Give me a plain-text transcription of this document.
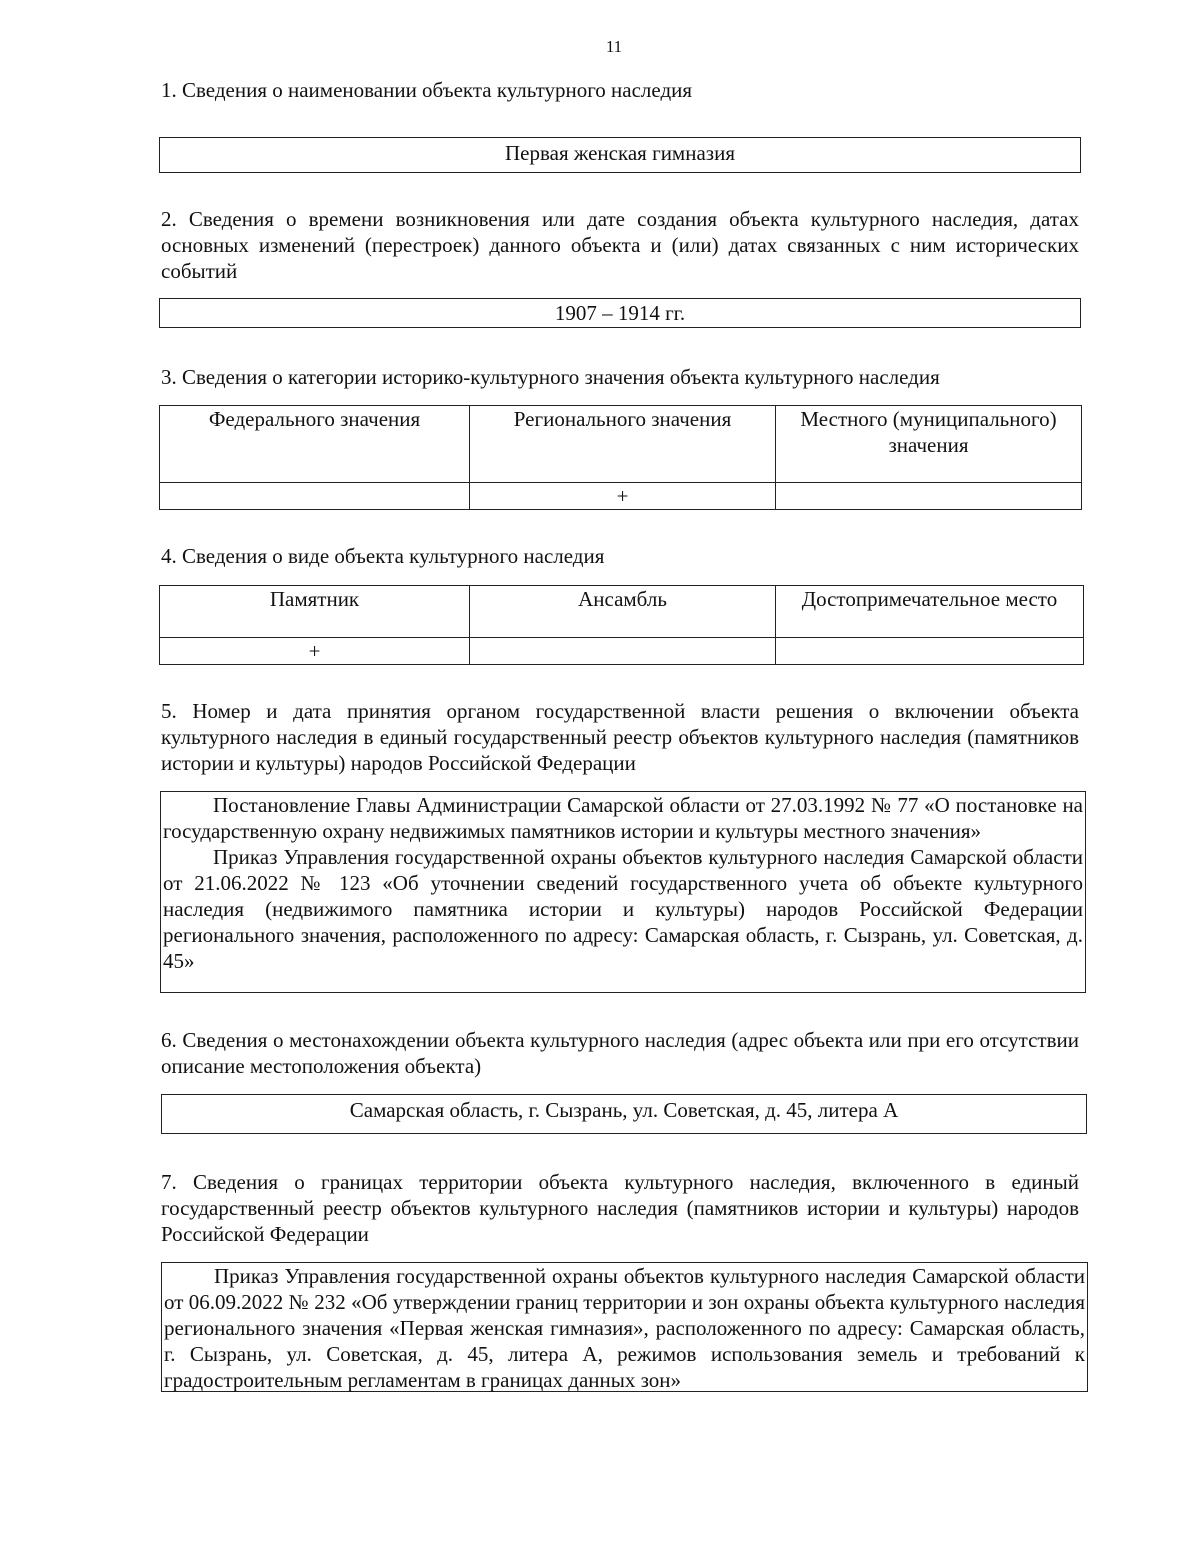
11

1. Сведения о наименовании объекта культурного наследия

Первая женская гимназия

2. Сведения о времени возникновения или дате создания объекта культурного наследия, датах основных изменений (перестроек) данного объекта и (или) датах связанных с ним исторических событий

1907 – 1914 гг.

3. Сведения о категории историко-культурного значения объекта культурного наследия

Федерального значения	Регионального значения	Местного (муниципального) значения
	+	

4. Сведения о виде объекта культурного наследия

Памятник	Ансамбль	Достопримечательное место
+		

5. Номер и дата принятия органом государственной власти решения о включении объекта культурного наследия в единый государственный реестр объектов культурного наследия (памятников истории и культуры) народов Российской Федерации

Постановление Главы Администрации Самарской области от 27.03.1992 № 77 «О постановке на государственную охрану недвижимых памятников истории и культуры местного значения»

Приказ Управления государственной охраны объектов культурного наследия Самарской области от 21.06.2022 № 123 «Об уточнении сведений государственного учета об объекте культурного наследия (недвижимого памятника истории и культуры) народов Российской Федерации регионального значения, расположенного по адресу: Самарская область, г. Сызрань, ул. Советская, д. 45»

6. Сведения о местонахождении объекта культурного наследия (адрес объекта или при его отсутствии описание местоположения объекта)

Самарская область, г. Сызрань, ул. Советская, д. 45, литера А

7. Сведения о границах территории объекта культурного наследия, включенного в единый государственный реестр объектов культурного наследия (памятников истории и культуры) народов Российской Федерации

Приказ Управления государственной охраны объектов культурного наследия Самарской области от 06.09.2022 № 232 «Об утверждении границ территории и зон охраны объекта культурного наследия регионального значения «Первая женская гимназия», расположенного по адресу: Самарская область, г. Сызрань, ул. Советская, д. 45, литера А, режимов использования земель и требований к градостроительным регламентам в границах данных зон»
